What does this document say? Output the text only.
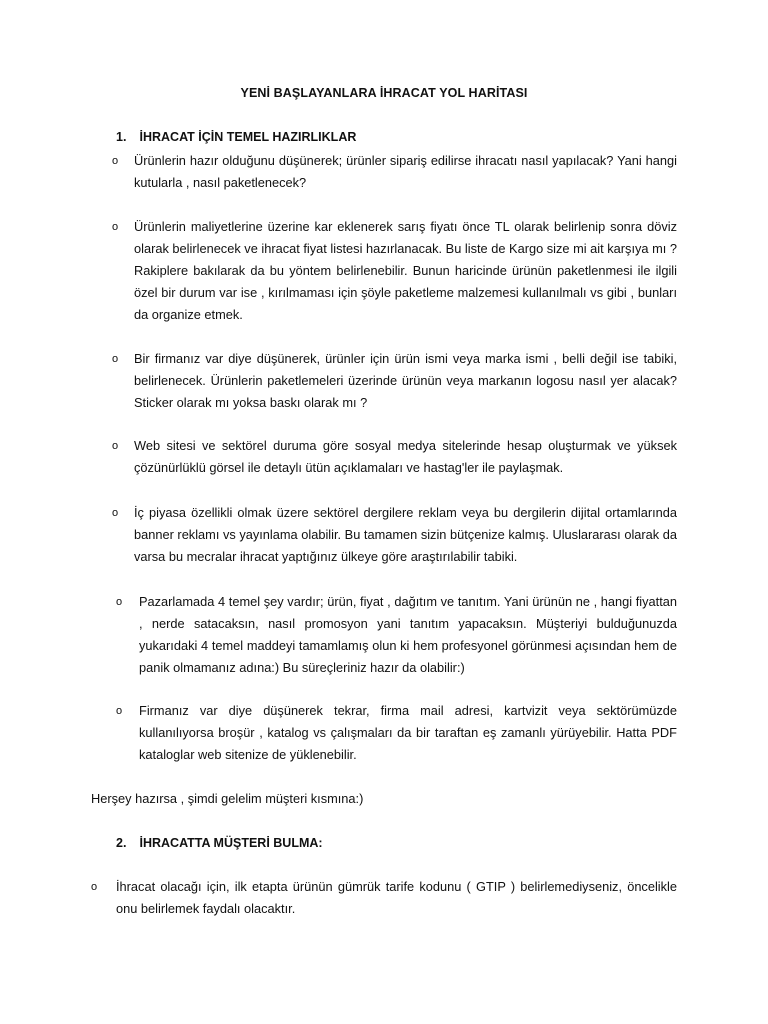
YENİ BAŞLAYANLARA İHRACAT YOL HARİTASI
1. İHRACAT İÇİN TEMEL HAZIRLIKLAR
o Ürünlerin hazır olduğunu düşünerek; ürünler sipariş edilirse ihracatı nasıl yapılacak? Yani hangi kutularla , nasıl paketlenecek?
o Ürünlerin maliyetlerine üzerine kar eklenerek sarış fiyatı önce TL olarak belirlenip sonra döviz olarak belirlenecek ve ihracat fiyat listesi hazırlanacak. Bu liste de Kargo size mi ait karşıya mı ? Rakiplere bakılarak da bu yöntem belirlenebilir. Bunun haricinde ürünün paketlenmesi ile ilgili özel bir durum var ise , kırılmaması için şöyle paketleme malzemesi kullanılmalı vs gibi , bunları da organize etmek.
o Bir firmanız var diye düşünerek, ürünler için ürün ismi veya marka ismi , belli değil ise tabiki, belirlenecek. Ürünlerin paketlemeleri üzerinde ürünün veya markanın logosu nasıl yer alacak? Sticker olarak mı yoksa baskı olarak mı ?
o Web sitesi ve sektörel duruma göre sosyal medya sitelerinde hesap oluşturmak ve yüksek çözünürlüklü görsel ile detaylı ütün açıklamaları ve hastag'ler ile paylaşmak.
o İç piyasa özellikli olmak üzere sektörel dergilere reklam veya bu dergilerin dijital ortamlarında banner reklamı vs yayınlama olabilir. Bu tamamen sizin bütçenize kalmış. Uluslararası olarak da varsa bu mecralar ihracat yaptığınız ülkeye göre araştırılabilir tabiki.
o Pazarlamada 4 temel şey vardır; ürün, fiyat , dağıtım ve tanıtım. Yani ürünün ne , hangi fiyattan , nerde satacaksın, nasıl promosyon yani tanıtım yapacaksın. Müşteriyi bulduğunuzda yukarıdaki 4 temel maddeyi tamamlamış olun ki hem profesyonel görünmesi açısından hem de panik olmamanız adına:) Bu süreçleriniz hazır da olabilir:)
o Firmanız var diye düşünerek tekrar, firma mail adresi, kartvizit veya sektörümüzde kullanılıyorsa broşür , katalog vs çalışmaları da bir taraftan eş zamanlı yürüyebilir. Hatta PDF kataloglar web sitenize de yüklenebilir.
Herşey hazırsa , şimdi gelelim müşteri kısmına:)
2. İHRACATTA MÜŞTERİ BULMA:
o İhracat olacağı için, ilk etapta ürünün gümrük tarife kodunu ( GTIP ) belirlemediyseniz, öncelikle onu belirlemek faydalı olacaktır.
